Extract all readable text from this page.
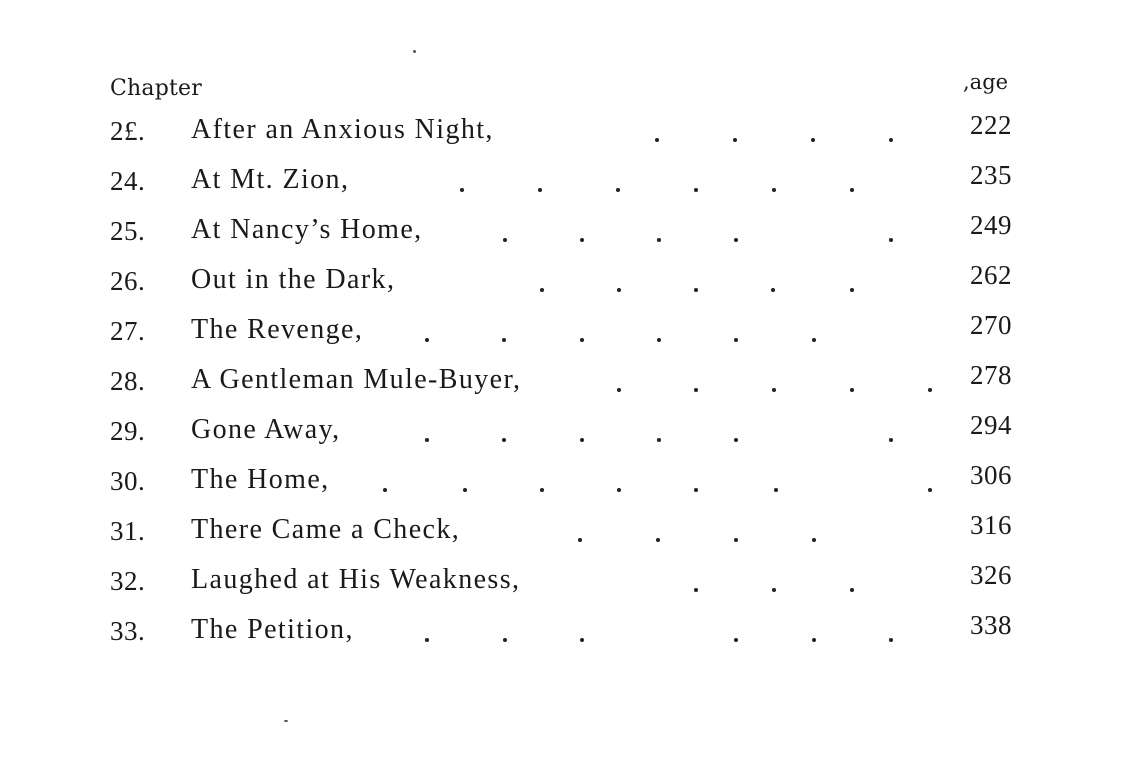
Chapter	,age
2£. After an Anxious Night,	222
24. At Mt. Zion,	235
25. At Nancy’s Home,	249
26. Out in the Dark,	262
27. The Revenge,	270
28. A Gentleman Mule-Buyer,	278
29. Gone Away,	294
30. The Home,	306
31. There Came a Check,	316
32. Laughed at His Weakness,	326
33. The Petition,	338
